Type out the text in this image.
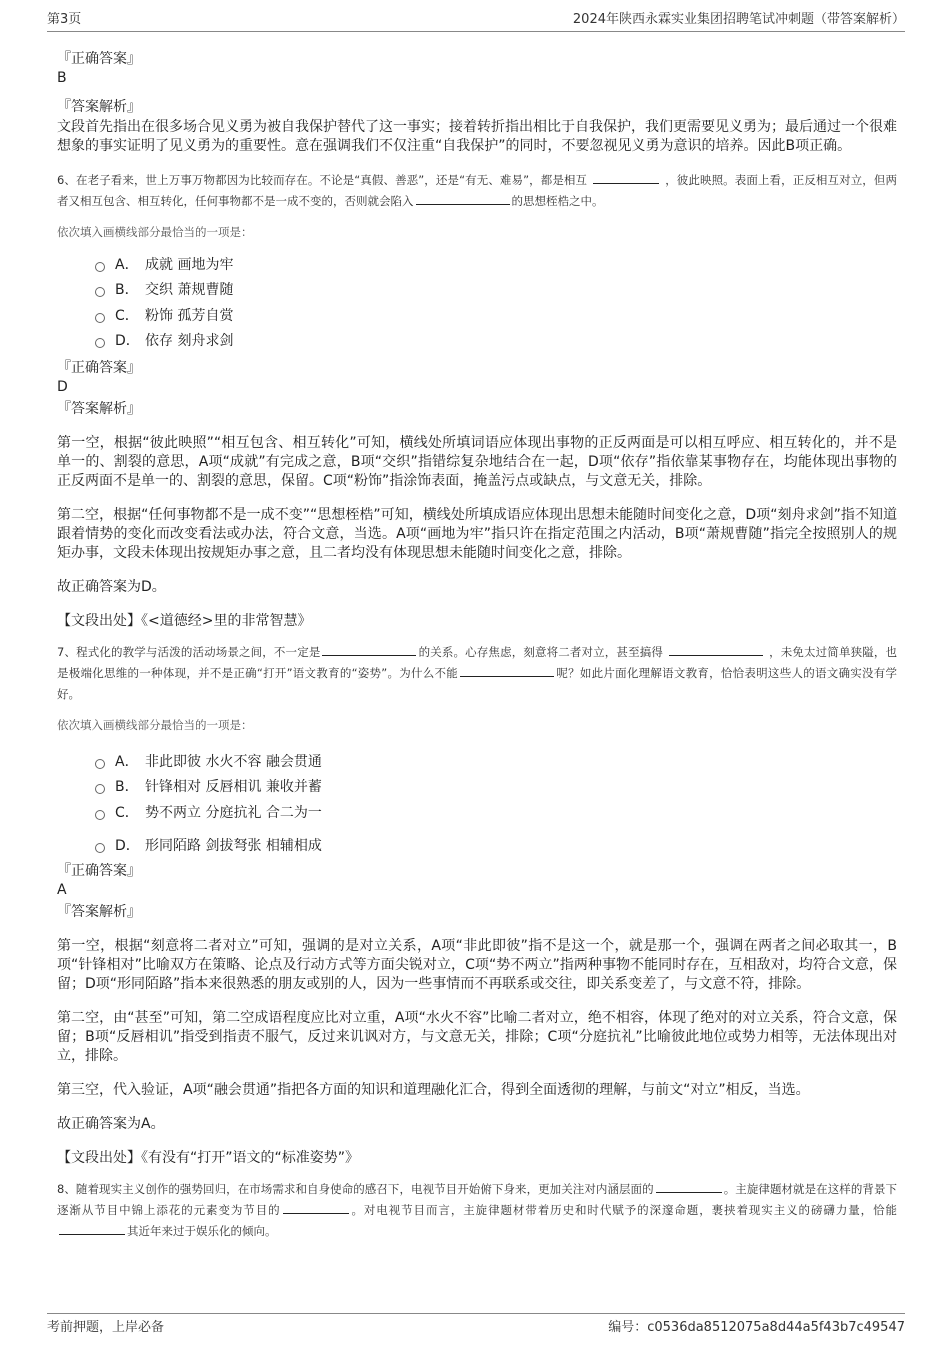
第3页	2024年陕西永霖实业集团招聘笔试冲刺题（带答案解析）
『正确答案』
B
『答案解析』
文段首先指出在很多场合见义勇为被自我保护替代了这一事实；接着转折指出相比于自我保护，我们更需要见义勇为；最后通过一个很难想象的事实证明了见义勇为的重要性。意在强调我们不仅注重“自我保护”的同时，不要忽视见义勇为意识的培养。因此B项正确。
6、在老子看来，世上万事万物都因为比较而存在。不论是“真假、善恶”，还是“有无、难易”，都是相互	，彼此映照。表面上看，正反相互对立，但两者又相互包含、相互转化，任何事物都不是一成不变的，否则就会陷入	的思想桎梏之中。
依次填入画横线部分最恰当的一项是：
A． 成就 画地为牢
B． 交织 萧规曹随
C． 粉饰 孤芳自赏
D． 依存 刻舟求剑
『正确答案』
D
『答案解析』
第一空，根据“彼此映照”“相互包含、相互转化”可知，横线处所填词语应体现出事物的正反两面是可以相互呼应、相互转化的，并不是单一的、割裂的意思，A项“成就”有完成之意，B项“交织”指错综复杂地结合在一起，D项“依存”指依靠某事物存在，均能体现出事物的正反两面不是单一的、割裂的意思，保留。C项“粉饰”指涂饰表面，掩盖污点或缺点，与文意无关，排除。
第二空，根据“任何事物都不是一成不变”“思想桎梏”可知，横线处所填成语应体现出思想未能随时间变化之意，D项“刻舟求剑”指不知道跟着情势的变化而改变看法或办法，符合文意，当选。A项“画地为牢”指只许在指定范围之内活动，B项“萧规曹随”指完全按照别人的规矩办事，文段未体现出按规矩办事之意，且二者均没有体现思想未能随时间变化之意，排除。
故正确答案为D。
【文段出处】《<道德经>里的非常智慧》
7、程式化的教学与活泼的活动场景之间，不一定是	的关系。心存焦虑，刻意将二者对立，甚至搞得	，未免太过简单狭隘，也是极端化思维的一种体现，并不是正确“打开”语文教育的“姿势”。为什么不能	呢？如此片面化理解语文教育，恰恰表明这些人的语文确实没有学好。
依次填入画横线部分最恰当的一项是：
A． 非此即彼 水火不容 融会贯通
B． 针锋相对 反唇相讥 兼收并蓄
C． 势不两立 分庭抗礼 合二为一
D． 形同陌路 剑拔弩张 相辅相成
『正确答案』
A
『答案解析』
第一空，根据“刻意将二者对立”可知，强调的是对立关系，A项“非此即彼”指不是这一个，就是那一个，强调在两者之间必取其一，B项“针锋相对”比喻双方在策略、论点及行动方式等方面尖锐对立，C项“势不两立”指两种事物不能同时存在，互相敌对，均符合文意，保留；D项“形同陌路”指本来很熟悉的朋友或别的人，因为一些事情而不再联系或交往，即关系变差了，与文意不符，排除。
第二空，由“甚至”可知，第二空成语程度应比对立重，A项“水火不容”比喻二者对立，绝不相容，体现了绝对的对立关系，符合文意，保留；B项“反唇相讥”指受到指责不服气，反过来讥讽对方，与文意无关，排除；C项“分庭抗礼”比喻彼此地位或势力相等，无法体现出对立，排除。
第三空，代入验证，A项“融会贯通”指把各方面的知识和道理融化汇合，得到全面透彻的理解，与前文“对立”相反，当选。
故正确答案为A。
【文段出处】《有没有“打开”语文的“标准姿势”》
8、随着现实主义创作的强势回归，在市场需求和自身使命的感召下，电视节目开始俯下身来，更加关注对内涵层面的	。主旋律题材就是在这样的背景下逐渐从节目中锦上添花的元素变为节目的	。对电视节目而言，主旋律题材带着历史和时代赋予的深邃命题，裹挟着现实主义的磅礴力量，恰能其近年来过于娱乐化的倾向。
考前押题，上岸必备	编号：c0536da8512075a8d44a5f43b7c49547
